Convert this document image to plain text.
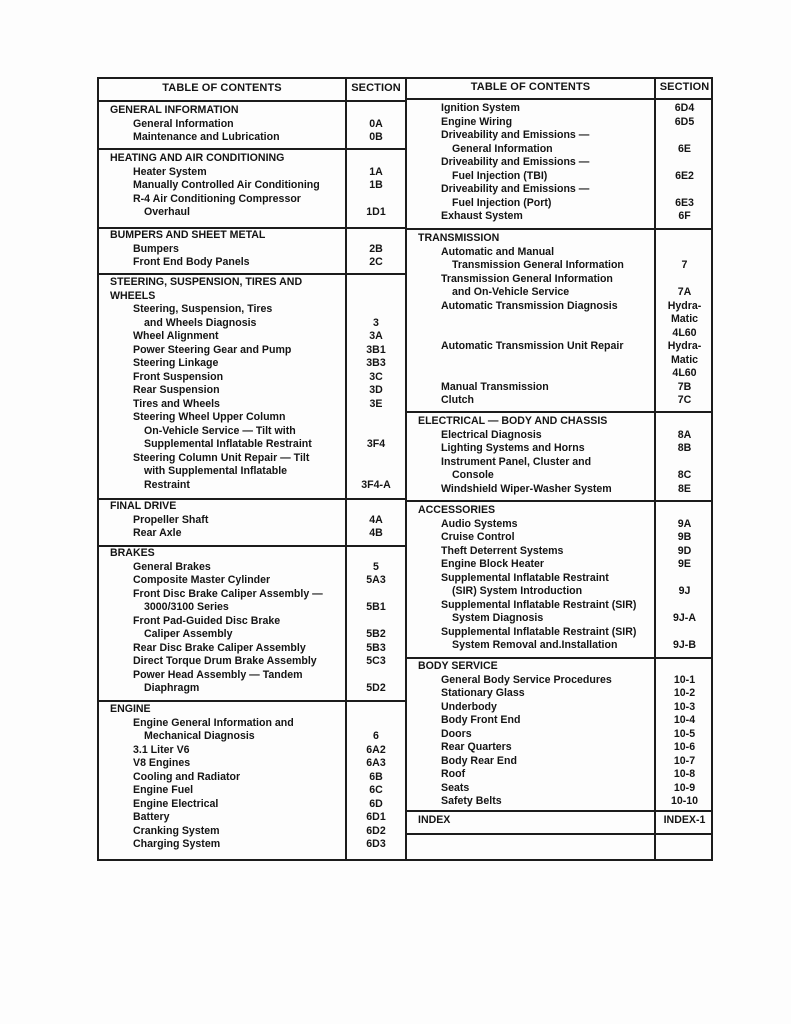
TABLE OF CONTENTS	SECTION	TABLE OF CONTENTS	SECTION
GENERAL INFORMATION
General Information	0A
Maintenance and Lubrication	0B
HEATING AND AIR CONDITIONING
Heater System	1A
Manually Controlled Air Conditioning	1B
R-4 Air Conditioning Compressor
Overhaul	1D1
BUMPERS AND SHEET METAL
Bumpers	2B
Front End Body Panels	2C
STEERING, SUSPENSION, TIRES AND
WHEELS
Steering, Suspension, Tires
and Wheels Diagnosis	3
Wheel Alignment	3A
Power Steering Gear and Pump	3B1
Steering Linkage	3B3
Front Suspension	3C
Rear Suspension	3D
Tires and Wheels	3E
Steering Wheel Upper Column
On-Vehicle Service — Tilt with
Supplemental Inflatable Restraint	3F4
Steering Column Unit Repair — Tilt
with Supplemental Inflatable
Restraint	3F4-A
FINAL DRIVE
Propeller Shaft	4A
Rear Axle	4B
BRAKES
General Brakes	5
Composite Master Cylinder	5A3
Front Disc Brake Caliper Assembly —
3000/3100 Series	5B1
Front Pad-Guided Disc Brake
Caliper Assembly	5B2
Rear Disc Brake Caliper Assembly	5B3
Direct Torque Drum Brake Assembly	5C3
Power Head Assembly — Tandem
Diaphragm	5D2
ENGINE
Engine General Information and
Mechanical Diagnosis	6
3.1 Liter V6	6A2
V8 Engines	6A3
Cooling and Radiator	6B
Engine Fuel	6C
Engine Electrical	6D
Battery	6D1
Cranking System	6D2
Charging System	6D3
Ignition System	6D4
Engine Wiring	6D5
Driveability and Emissions —
General Information	6E
Driveability and Emissions —
Fuel Injection (TBI)	6E2
Driveability and Emissions —
Fuel Injection (Port)	6E3
Exhaust System	6F
TRANSMISSION
Automatic and Manual
Transmission General Information	7
Transmission General Information
and On-Vehicle Service	7A
Automatic Transmission Diagnosis	Hydra-
Matic
4L60
Automatic Transmission Unit Repair	Hydra-
Matic
4L60
Manual Transmission	7B
Clutch	7C
ELECTRICAL — BODY AND CHASSIS
Electrical Diagnosis	8A
Lighting Systems and Horns	8B
Instrument Panel, Cluster and
Console	8C
Windshield Wiper-Washer System	8E
ACCESSORIES
Audio Systems	9A
Cruise Control	9B
Theft Deterrent Systems	9D
Engine Block Heater	9E
Supplemental Inflatable Restraint
(SIR) System Introduction	9J
Supplemental Inflatable Restraint (SIR)
System Diagnosis	9J-A
Supplemental Inflatable Restraint (SIR)
System Removal and.Installation	9J-B
BODY SERVICE
General Body Service Procedures	10-1
Stationary Glass	10-2
Underbody	10-3
Body Front End	10-4
Doors	10-5
Rear Quarters	10-6
Body Rear End	10-7
Roof	10-8
Seats	10-9
Safety Belts	10-10
INDEX	INDEX-1
